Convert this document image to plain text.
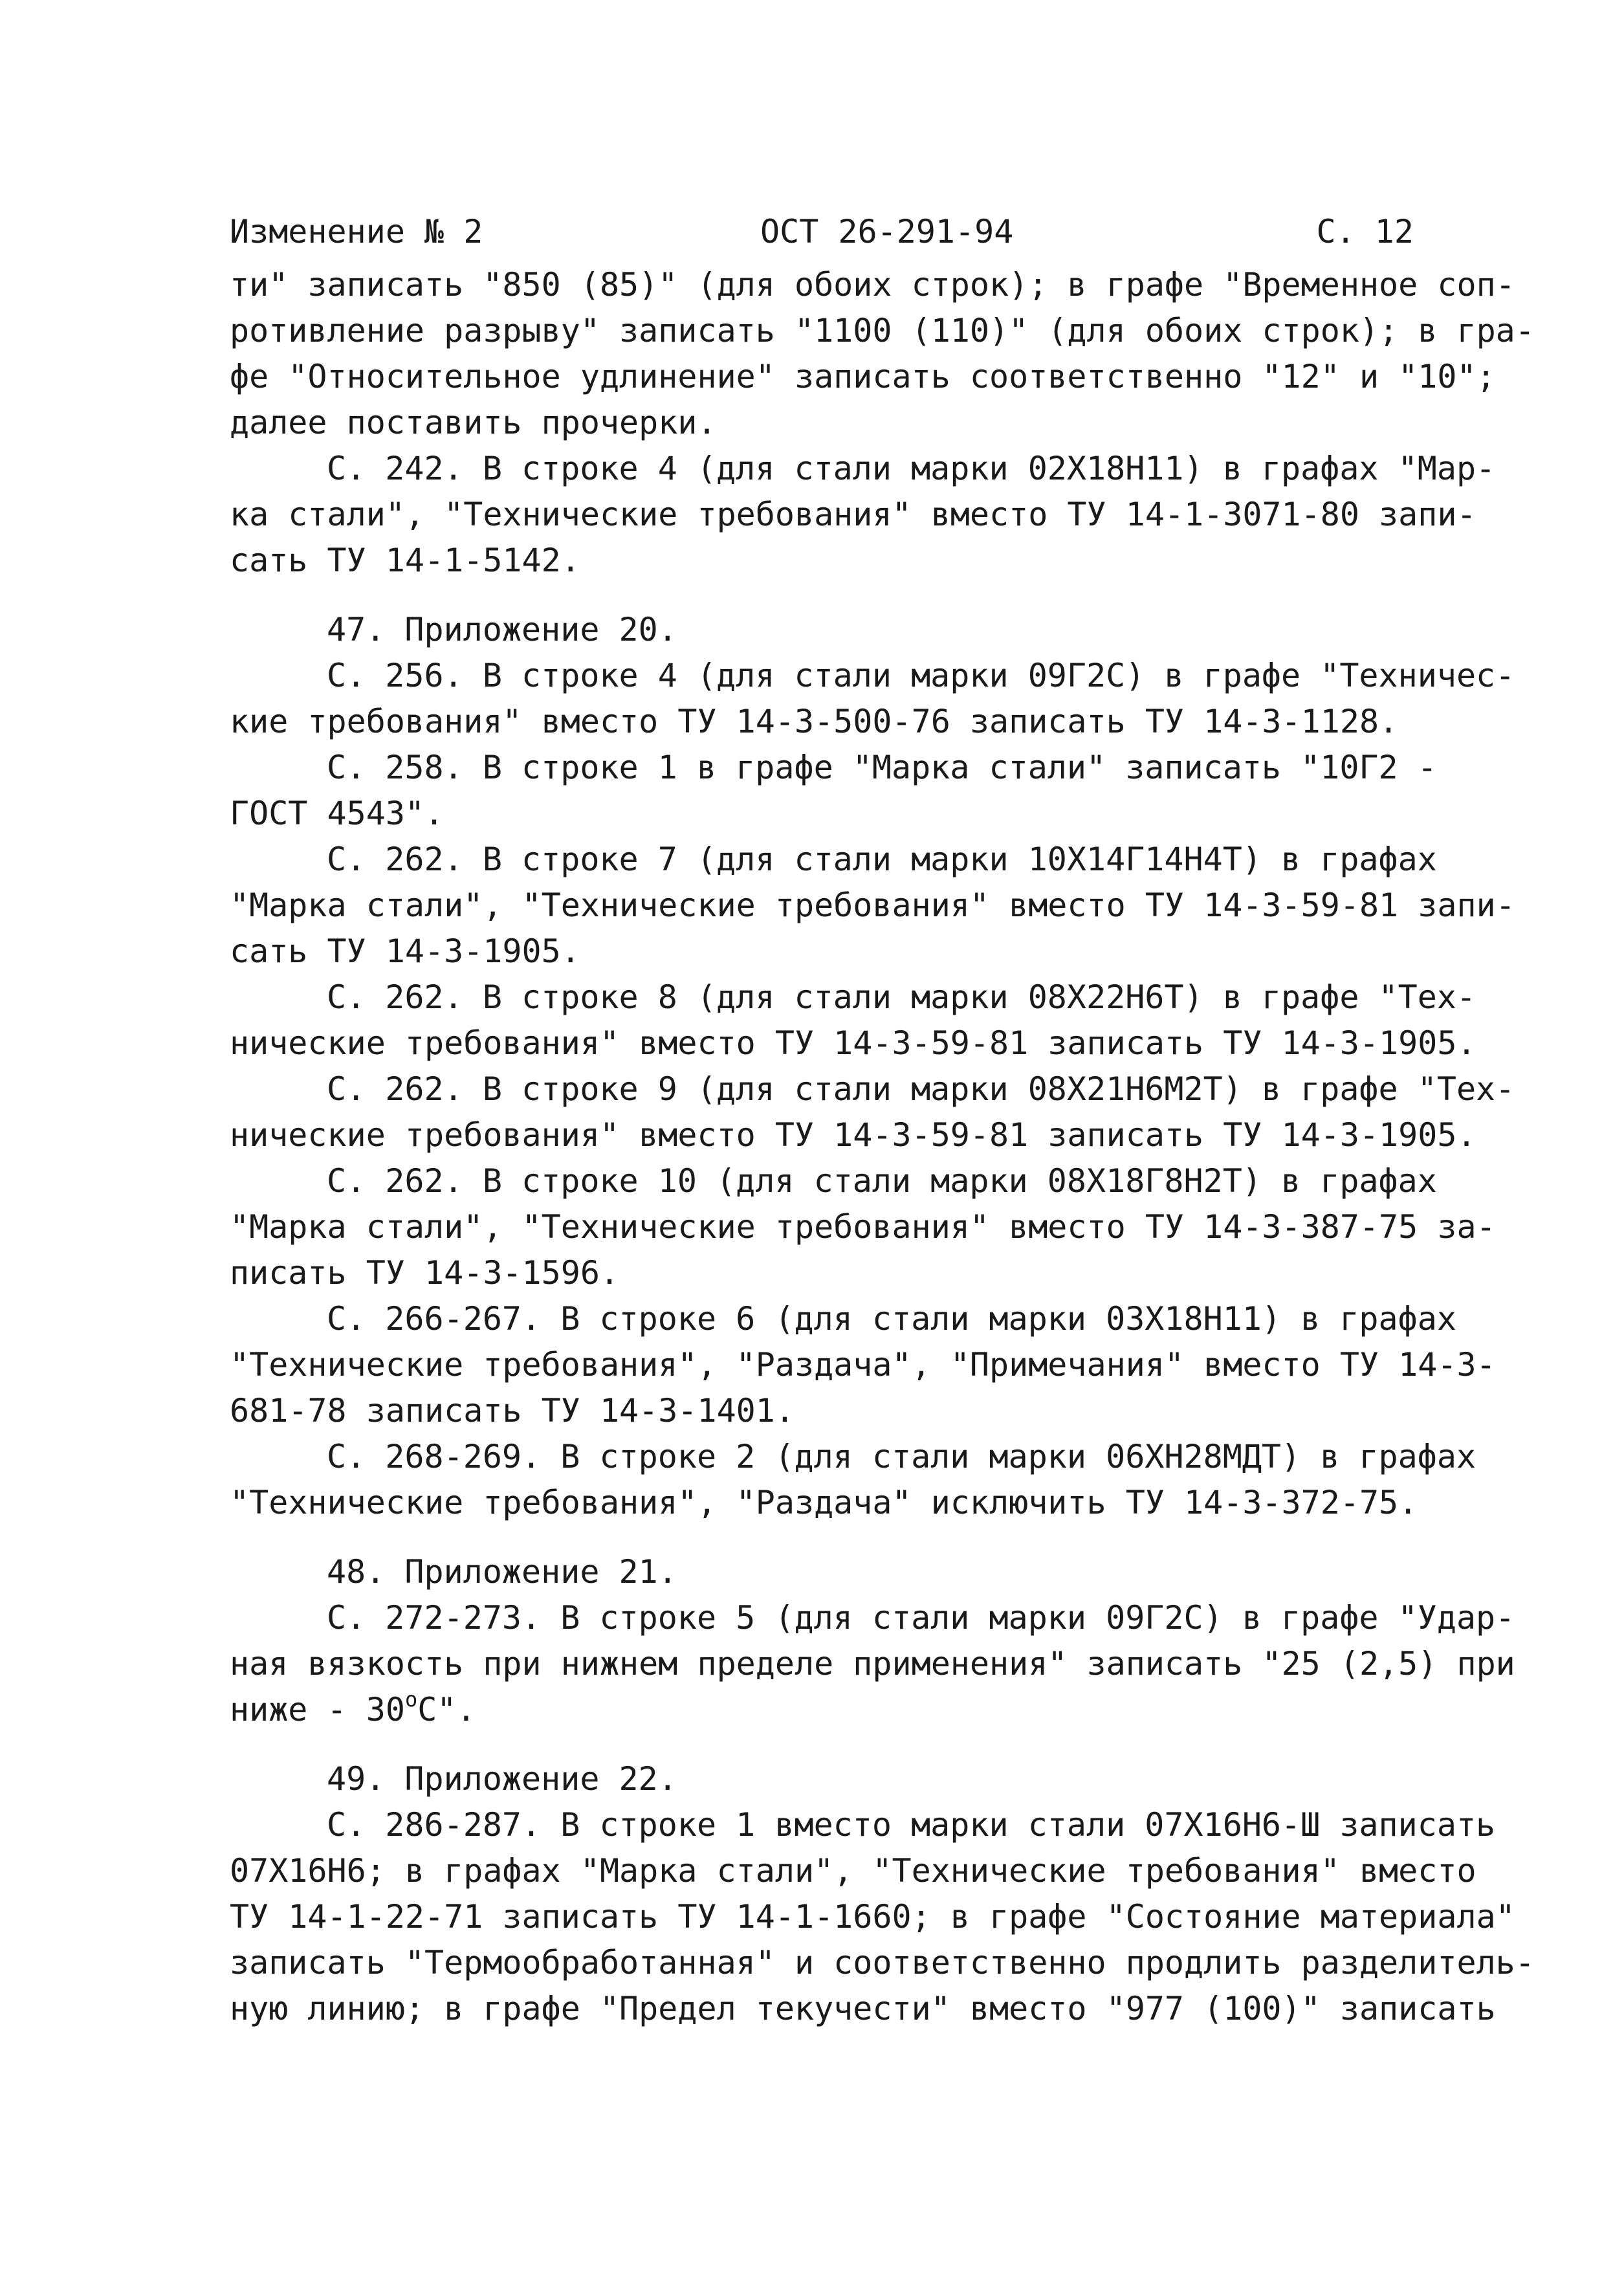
Изменение № 2	ОСТ 26-291-94	С. 12
ти" записать "850 (85)" (для обоих строк); в графе "Временное соп-
ротивление разрыву" записать "1100 (110)" (для обоих строк); в гра-
фе "Относительное удлинение" записать соответственно "12" и "10";
далее поставить прочерки.
С. 242. В строке 4 (для стали марки 02Х18Н11) в графах "Мар-
ка стали", "Технические требования" вместо ТУ 14-1-3071-80 запи-
сать ТУ 14-1-5142.
47. Приложение 20.
С. 256. В строке 4 (для стали марки 09Г2С) в графе "Техничес-
кие требования" вместо ТУ 14-3-500-76 записать ТУ 14-3-1128.
С. 258. В строке 1 в графе "Марка стали" записать "10Г2 -
ГОСТ 4543".
С. 262. В строке 7 (для стали марки 10Х14Г14Н4Т) в графах
"Марка стали", "Технические требования" вместо ТУ 14-3-59-81 запи-
сать ТУ 14-3-1905.
С. 262. В строке 8 (для стали марки 08Х22Н6Т) в графе "Тех-
нические требования" вместо ТУ 14-3-59-81 записать ТУ 14-3-1905.
С. 262. В строке 9 (для стали марки 08Х21Н6М2Т) в графе "Тех-
нические требования" вместо ТУ 14-3-59-81 записать ТУ 14-3-1905.
С. 262. В строке 10 (для стали марки 08Х18Г8Н2Т) в графах
"Марка стали", "Технические требования" вместо ТУ 14-3-387-75 за-
писать ТУ 14-3-1596.
С. 266-267. В строке 6 (для стали марки 03Х18Н11) в графах
"Технические требования", "Раздача", "Примечания" вместо ТУ 14-3-
681-78 записать ТУ 14-3-1401.
С. 268-269. В строке 2 (для стали марки 06ХН28МДТ) в графах
"Технические требования", "Раздача" исключить ТУ 14-3-372-75.
48. Приложение 21.
С. 272-273. В строке 5 (для стали марки 09Г2С) в графе "Удар-
ная вязкость при нижнем пределе применения" записать "25 (2,5) при
ниже - 30$^o$С".
49. Приложение 22.
С. 286-287. В строке 1 вместо марки стали 07Х16Н6-Ш записать
07Х16Н6; в графах "Марка стали", "Технические требования" вместо
ТУ 14-1-22-71 записать ТУ 14-1-1660; в графе "Состояние материала"
записать "Термообработанная" и соответственно продлить разделитель-
ную линию; в графе "Предел текучести" вместо "977 (100)" записать
